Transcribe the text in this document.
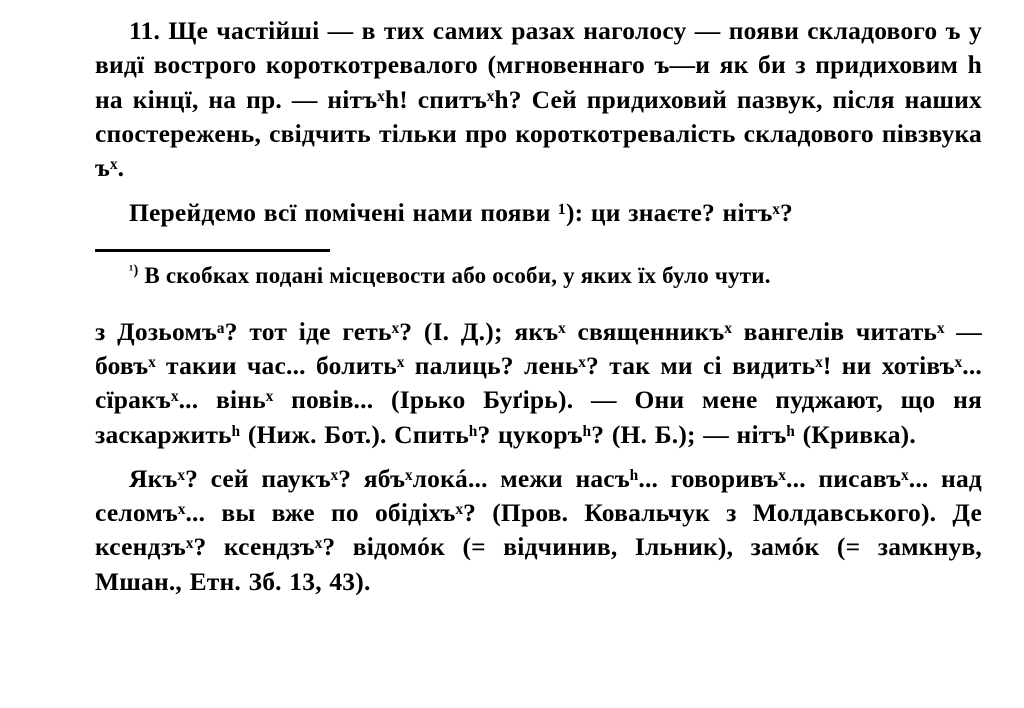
11. Ще частійші — в тих самих разах наголосу — появи складового ъ у видї вострого короткотревалого (мгновеннаго ъ—и як би з придиховим һ на кінцї, на пр. — нітъˣһ! спитъˣһ? Сей придиховий пазвук, після наших спостережень, свідчить тільки про короткотревалість складового півзвука ъˣ.

Перейдемо всї помічені нами появи ¹): ци знаєте? нітъˣ?

$^{^1)}$ В скобках подані місцевости або особи, у яких їх було чути.

з Дозьомъᵃ? тот іде гетьˣ? (І. Д.); якъˣ священникъˣ вангелів читатьˣ — бовъˣ такии час... болитьˣ палиць? леньˣ? так ми сі видитьˣ! ни хотівъˣ... сїракъˣ... віньˣ повів... (Ірько Буґірь). — Они мене пуджают, що ня заскаржитьʰ (Ниж. Бот.). Спитьʰ? цукоръʰ? (Н. Б.); — нітъʰ (Кривка).

Якъˣ? сей паукъˣ? ябъˣлокá... межи насъʰ... говоривъˣ... писавъˣ... над селомъˣ... вы вже по обідіхъˣ? (Пров. Ковальчук з Молдавського). Де ксендзъˣ? ксендзъˣ? відомóк (= відчинив, Ільник), замóк (= замкнув, Мшан., Етн. Зб. 13, 43).
